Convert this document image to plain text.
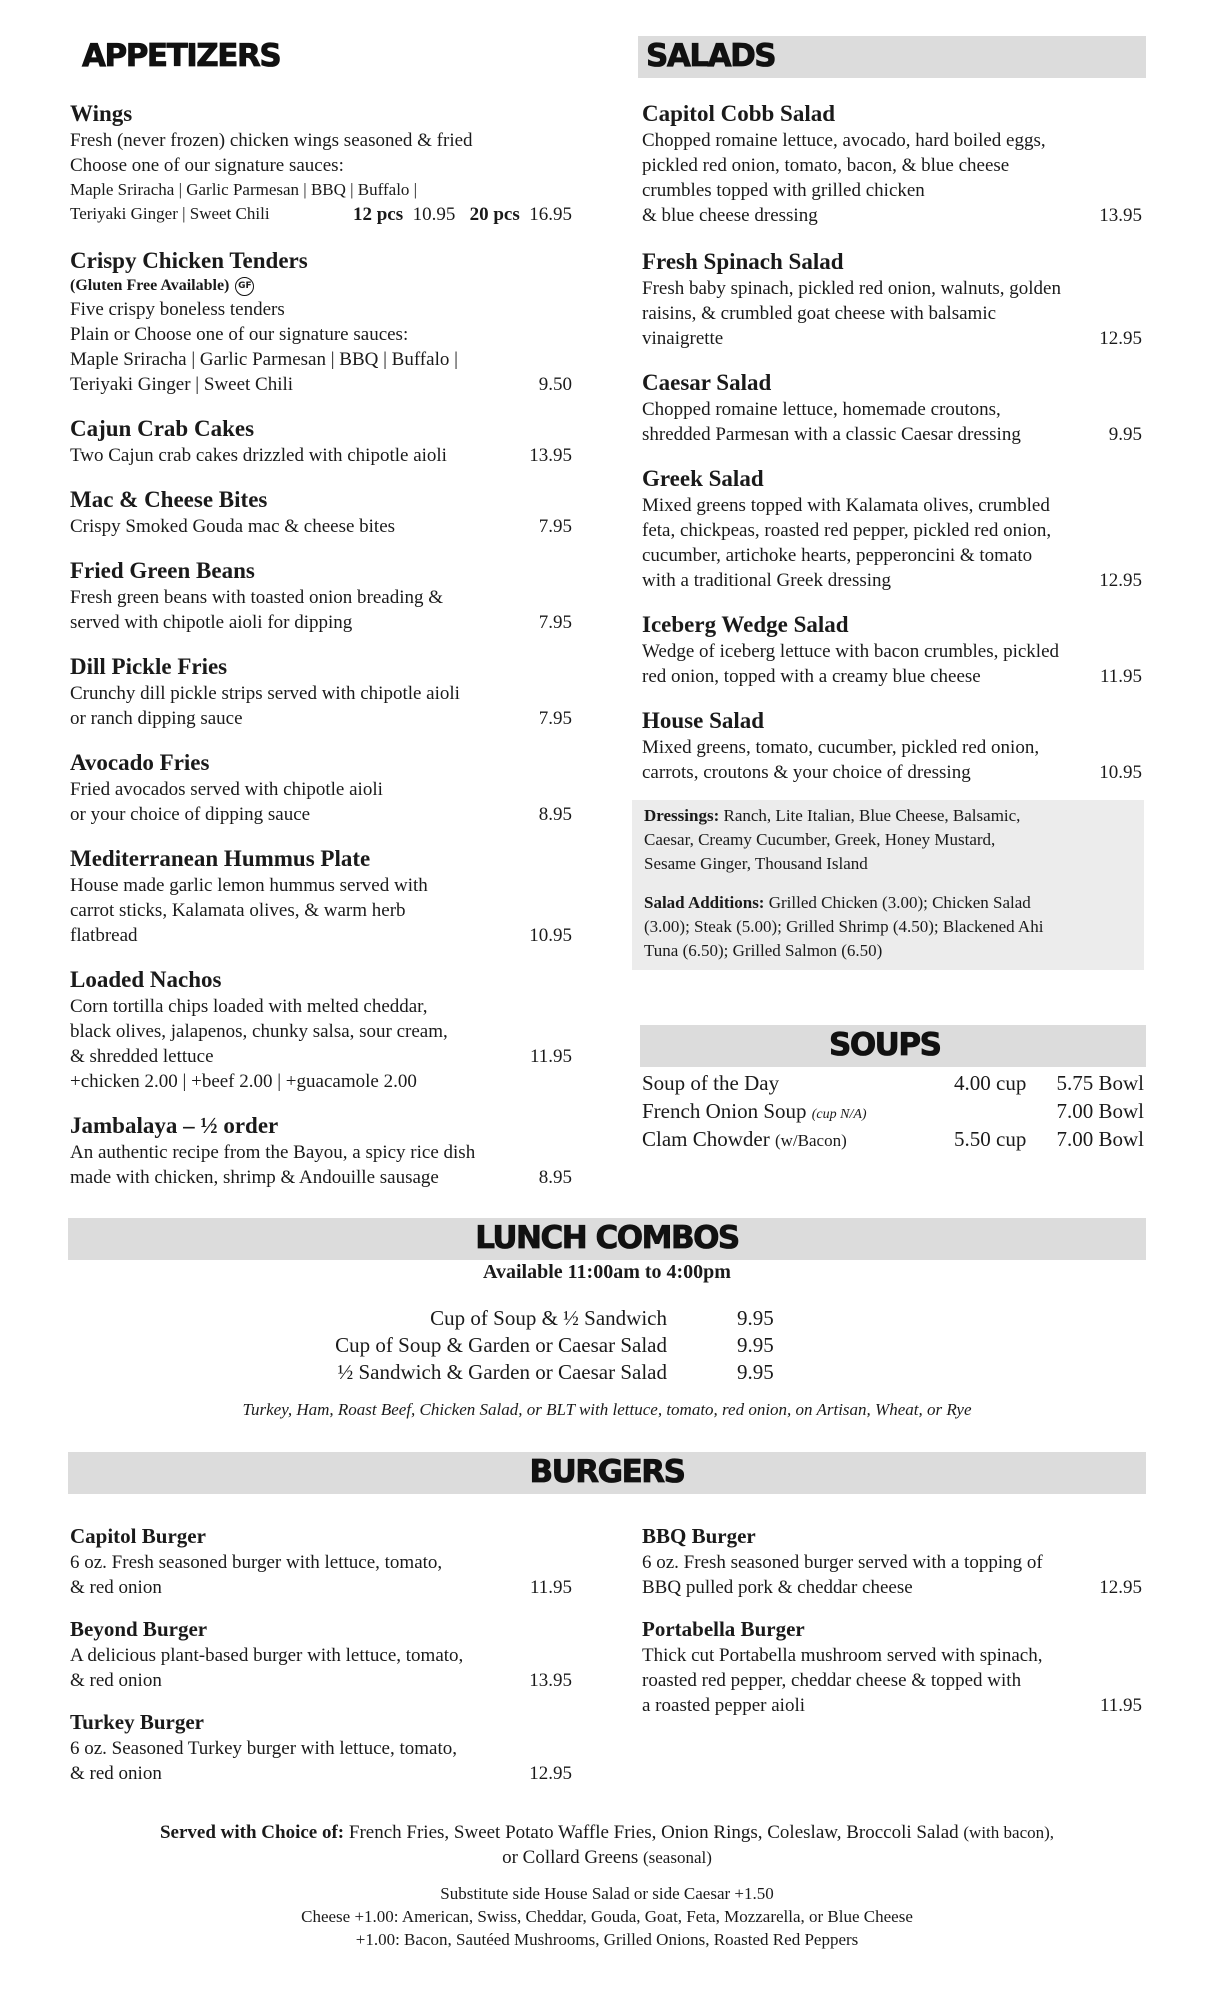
APPETIZERS	SALADS
Wings
Fresh (never frozen) chicken wings seasoned & fried
Choose one of our signature sauces:
Maple Sriracha | Garlic Parmesan | BBQ | Buffalo |
Teriyaki Ginger | Sweet Chili	12 pcs 10.95 20 pcs 16.95
Crispy Chicken Tenders
(Gluten Free Available) GF
Five crispy boneless tenders
Plain or Choose one of our signature sauces:
Maple Sriracha | Garlic Parmesan | BBQ | Buffalo |
Teriyaki Ginger | Sweet Chili	9.50
Cajun Crab Cakes
Two Cajun crab cakes drizzled with chipotle aioli	13.95
Mac & Cheese Bites
Crispy Smoked Gouda mac & cheese bites	7.95
Fried Green Beans
Fresh green beans with toasted onion breading &
served with chipotle aioli for dipping	7.95
Dill Pickle Fries
Crunchy dill pickle strips served with chipotle aioli
or ranch dipping sauce	7.95
Avocado Fries
Fried avocados served with chipotle aioli
or your choice of dipping sauce	8.95
Mediterranean Hummus Plate
House made garlic lemon hummus served with
carrot sticks, Kalamata olives, & warm herb
flatbread	10.95
Loaded Nachos
Corn tortilla chips loaded with melted cheddar,
black olives, jalapenos, chunky salsa, sour cream,
& shredded lettuce	11.95
+chicken 2.00 | +beef 2.00 | +guacamole 2.00
Jambalaya – ½ order
An authentic recipe from the Bayou, a spicy rice dish
made with chicken, shrimp & Andouille sausage	8.95
Capitol Cobb Salad
Chopped romaine lettuce, avocado, hard boiled eggs,
pickled red onion, tomato, bacon, & blue cheese
crumbles topped with grilled chicken
& blue cheese dressing	13.95
Fresh Spinach Salad
Fresh baby spinach, pickled red onion, walnuts, golden
raisins, & crumbled goat cheese with balsamic
vinaigrette	12.95
Caesar Salad
Chopped romaine lettuce, homemade croutons,
shredded Parmesan with a classic Caesar dressing	9.95
Greek Salad
Mixed greens topped with Kalamata olives, crumbled
feta, chickpeas, roasted red pepper, pickled red onion,
cucumber, artichoke hearts, pepperoncini & tomato
with a traditional Greek dressing	12.95
Iceberg Wedge Salad
Wedge of iceberg lettuce with bacon crumbles, pickled
red onion, topped with a creamy blue cheese	11.95
House Salad
Mixed greens, tomato, cucumber, pickled red onion,
carrots, croutons & your choice of dressing	10.95
Dressings: Ranch, Lite Italian, Blue Cheese, Balsamic,
Caesar, Creamy Cucumber, Greek, Honey Mustard,
Sesame Ginger, Thousand Island
Salad Additions: Grilled Chicken (3.00); Chicken Salad
(3.00); Steak (5.00); Grilled Shrimp (4.50); Blackened Ahi
Tuna (6.50); Grilled Salmon (6.50)
SOUPS
Soup of the Day	4.00 cup 5.75 Bowl
French Onion Soup (cup N/A)	7.00 Bowl
Clam Chowder (w/Bacon)	5.50 cup 7.00 Bowl
LUNCH COMBOS
Available 11:00am to 4:00pm
Cup of Soup & ½ Sandwich	9.95
Cup of Soup & Garden or Caesar Salad	9.95
½ Sandwich & Garden or Caesar Salad	9.95
Turkey, Ham, Roast Beef, Chicken Salad, or BLT with lettuce, tomato, red onion, on Artisan, Wheat, or Rye
BURGERS
Capitol Burger
6 oz. Fresh seasoned burger with lettuce, tomato,
& red onion	11.95
Beyond Burger
A delicious plant-based burger with lettuce, tomato,
& red onion	13.95
Turkey Burger
6 oz. Seasoned Turkey burger with lettuce, tomato,
& red onion	12.95
BBQ Burger
6 oz. Fresh seasoned burger served with a topping of
BBQ pulled pork & cheddar cheese	12.95
Portabella Burger
Thick cut Portabella mushroom served with spinach,
roasted red pepper, cheddar cheese & topped with
a roasted pepper aioli	11.95
Served with Choice of: French Fries, Sweet Potato Waffle Fries, Onion Rings, Coleslaw, Broccoli Salad (with bacon),
or Collard Greens (seasonal)
Substitute side House Salad or side Caesar +1.50
Cheese +1.00: American, Swiss, Cheddar, Gouda, Goat, Feta, Mozzarella, or Blue Cheese
+1.00: Bacon, Sautéed Mushrooms, Grilled Onions, Roasted Red Peppers
